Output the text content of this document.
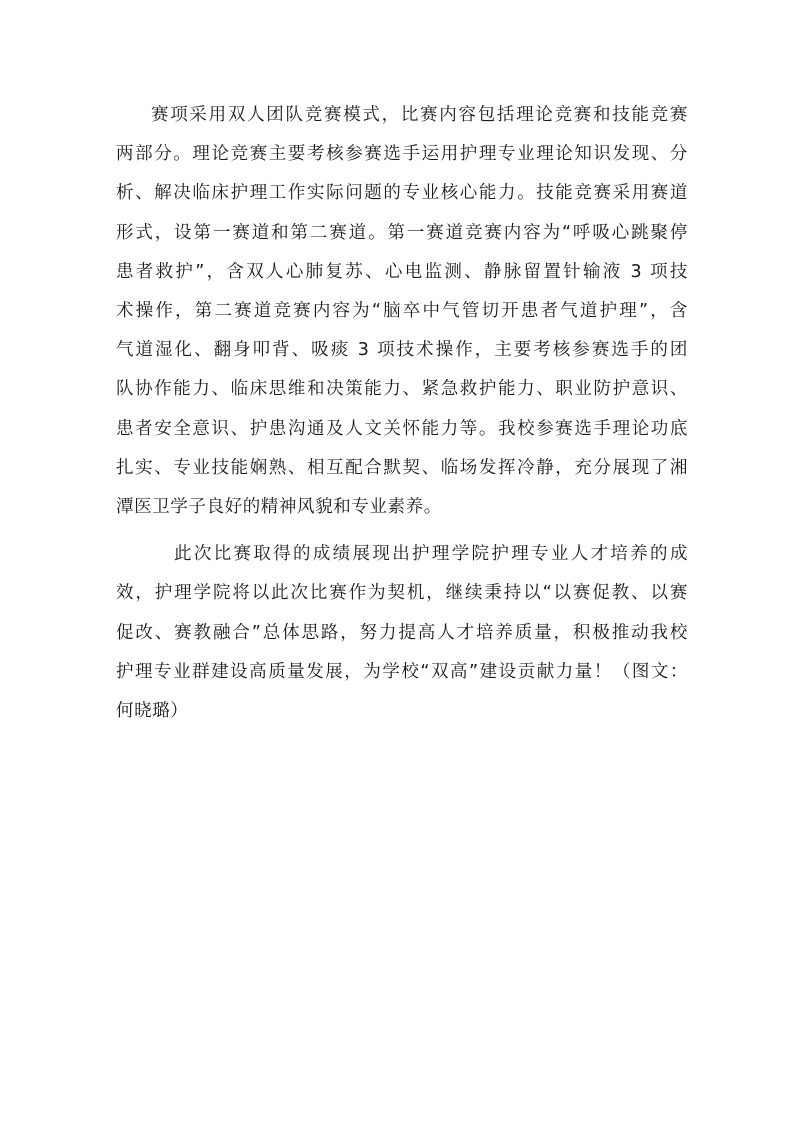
赛项采用双人团队竞赛模式，比赛内容包括理论竞赛和技能竞赛
两部分。理论竞赛主要考核参赛选手运用护理专业理论知识发现、分
析、解决临床护理工作实际问题的专业核心能力。技能竞赛采用赛道
形式，设第一赛道和第二赛道。第一赛道竞赛内容为“呼吸心跳聚停
患者救护”，含双人心肺复苏、心电监测、静脉留置针输液 3 项技
术操作，第二赛道竞赛内容为“脑卒中气管切开患者气道护理”，含
气道湿化、翻身叩背、吸痰 3 项技术操作，主要考核参赛选手的团
队协作能力、临床思维和决策能力、紧急救护能力、职业防护意识、
患者安全意识、护患沟通及人文关怀能力等。我校参赛选手理论功底
扎实、专业技能娴熟、相互配合默契、临场发挥冷静，充分展现了湘
潭医卫学子良好的精神风貌和专业素养。
此次比赛取得的成绩展现出护理学院护理专业人才培养的成
效，护理学院将以此次比赛作为契机，继续秉持以“以赛促教、以赛
促改、赛教融合”总体思路，努力提高人才培养质量，积极推动我校
护理专业群建设高质量发展，为学校“双高”建设贡献力量！（图文：
何晓璐）
